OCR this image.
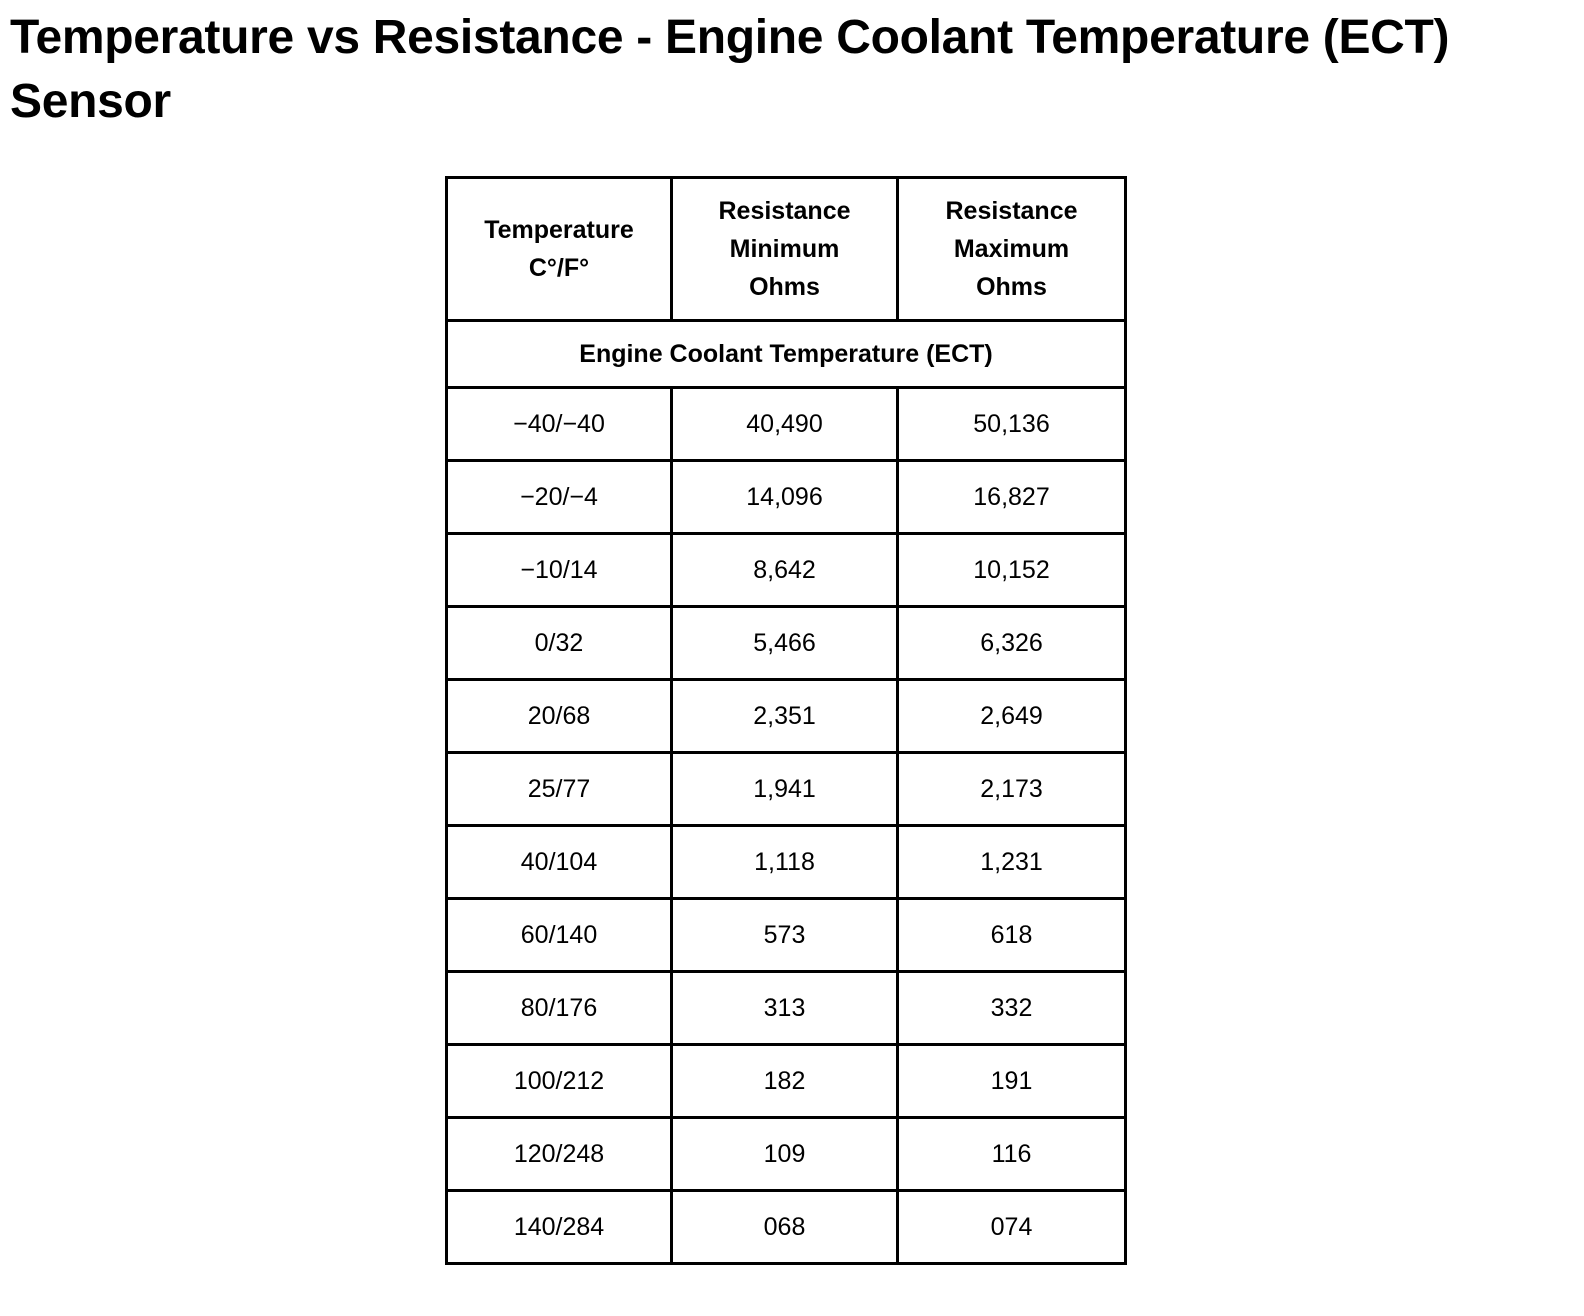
Temperature vs Resistance - Engine Coolant Temperature (ECT)
Sensor
Temperature
C°/F°	Resistance
Minimum
Ohms	Resistance
Maximum
Ohms

Engine Coolant Temperature (ECT)		
−40/−40	40,490	50,136
−20/−4	14,096	16,827
−10/14	8,642	10,152
0/32	5,466	6,326
20/68	2,351	2,649
25/77	1,941	2,173
40/104	1,118	1,231
60/140	573	618
80/176	313	332
100/212	182	191
120/248	109	116
140/284	068	074
